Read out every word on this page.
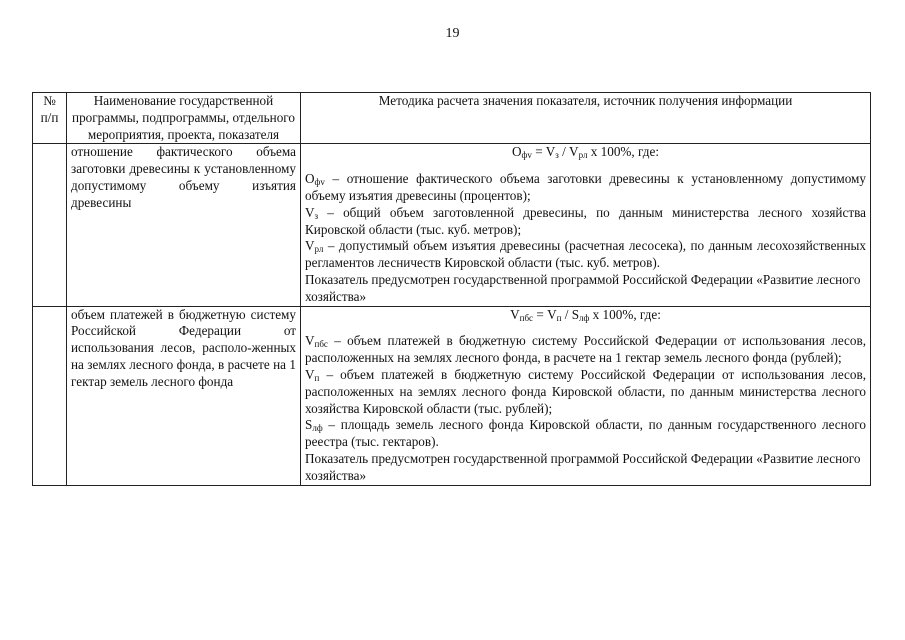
19
№ п/п	Наименование государственной программы, подпрограммы, отдельного мероприятия, проекта, показателя	Методика расчета значения показателя, источник получения информации
	отношение фактического объема заготовки древесины к установленному допустимому объему изъятия древесины	$O_{фv} = V_з / V_{рл}$ x 100%, где:

$O_{фv}$ – отношение фактического объема заготовки древесины к установленному допустимому объему изъятия древесины (процентов);

$V_з$ – общий объем заготовленной древесины, по данным министерства лесного хозяйства Кировской области (тыс. куб. метров);

$V_{рл}$ – допустимый объем изъятия древесины (расчетная лесосека), по данным лесохозяйственных регламентов лесничеств Кировской области (тыс. куб. метров).

Показатель предусмотрен государственной программой Российской Федерации «Развитие лесного хозяйства»

	объем платежей в бюджетную систему Российской Федерации от использования лесов, располо-женных на землях лесного фонда, в расчете на 1 гектар земель лесного фонда	$V_{пбс} = V_п / S_{лф}$ x 100%, где:

$V_{пбс}$ – объем платежей в бюджетную систему Российской Федерации от использования лесов, расположенных на землях лесного фонда, в расчете на 1 гектар земель лесного фонда (рублей);

$V_п$ – объем платежей в бюджетную систему Российской Федерации от использования лесов, расположенных на землях лесного фонда Кировской области, по данным министерства лесного хозяйства Кировской области (тыс. рублей);

$S_{лф}$ – площадь земель лесного фонда Кировской области, по данным государственного лесного реестра (тыс. гектаров).

Показатель предусмотрен государственной программой Российской Федерации «Развитие лесного хозяйства»
